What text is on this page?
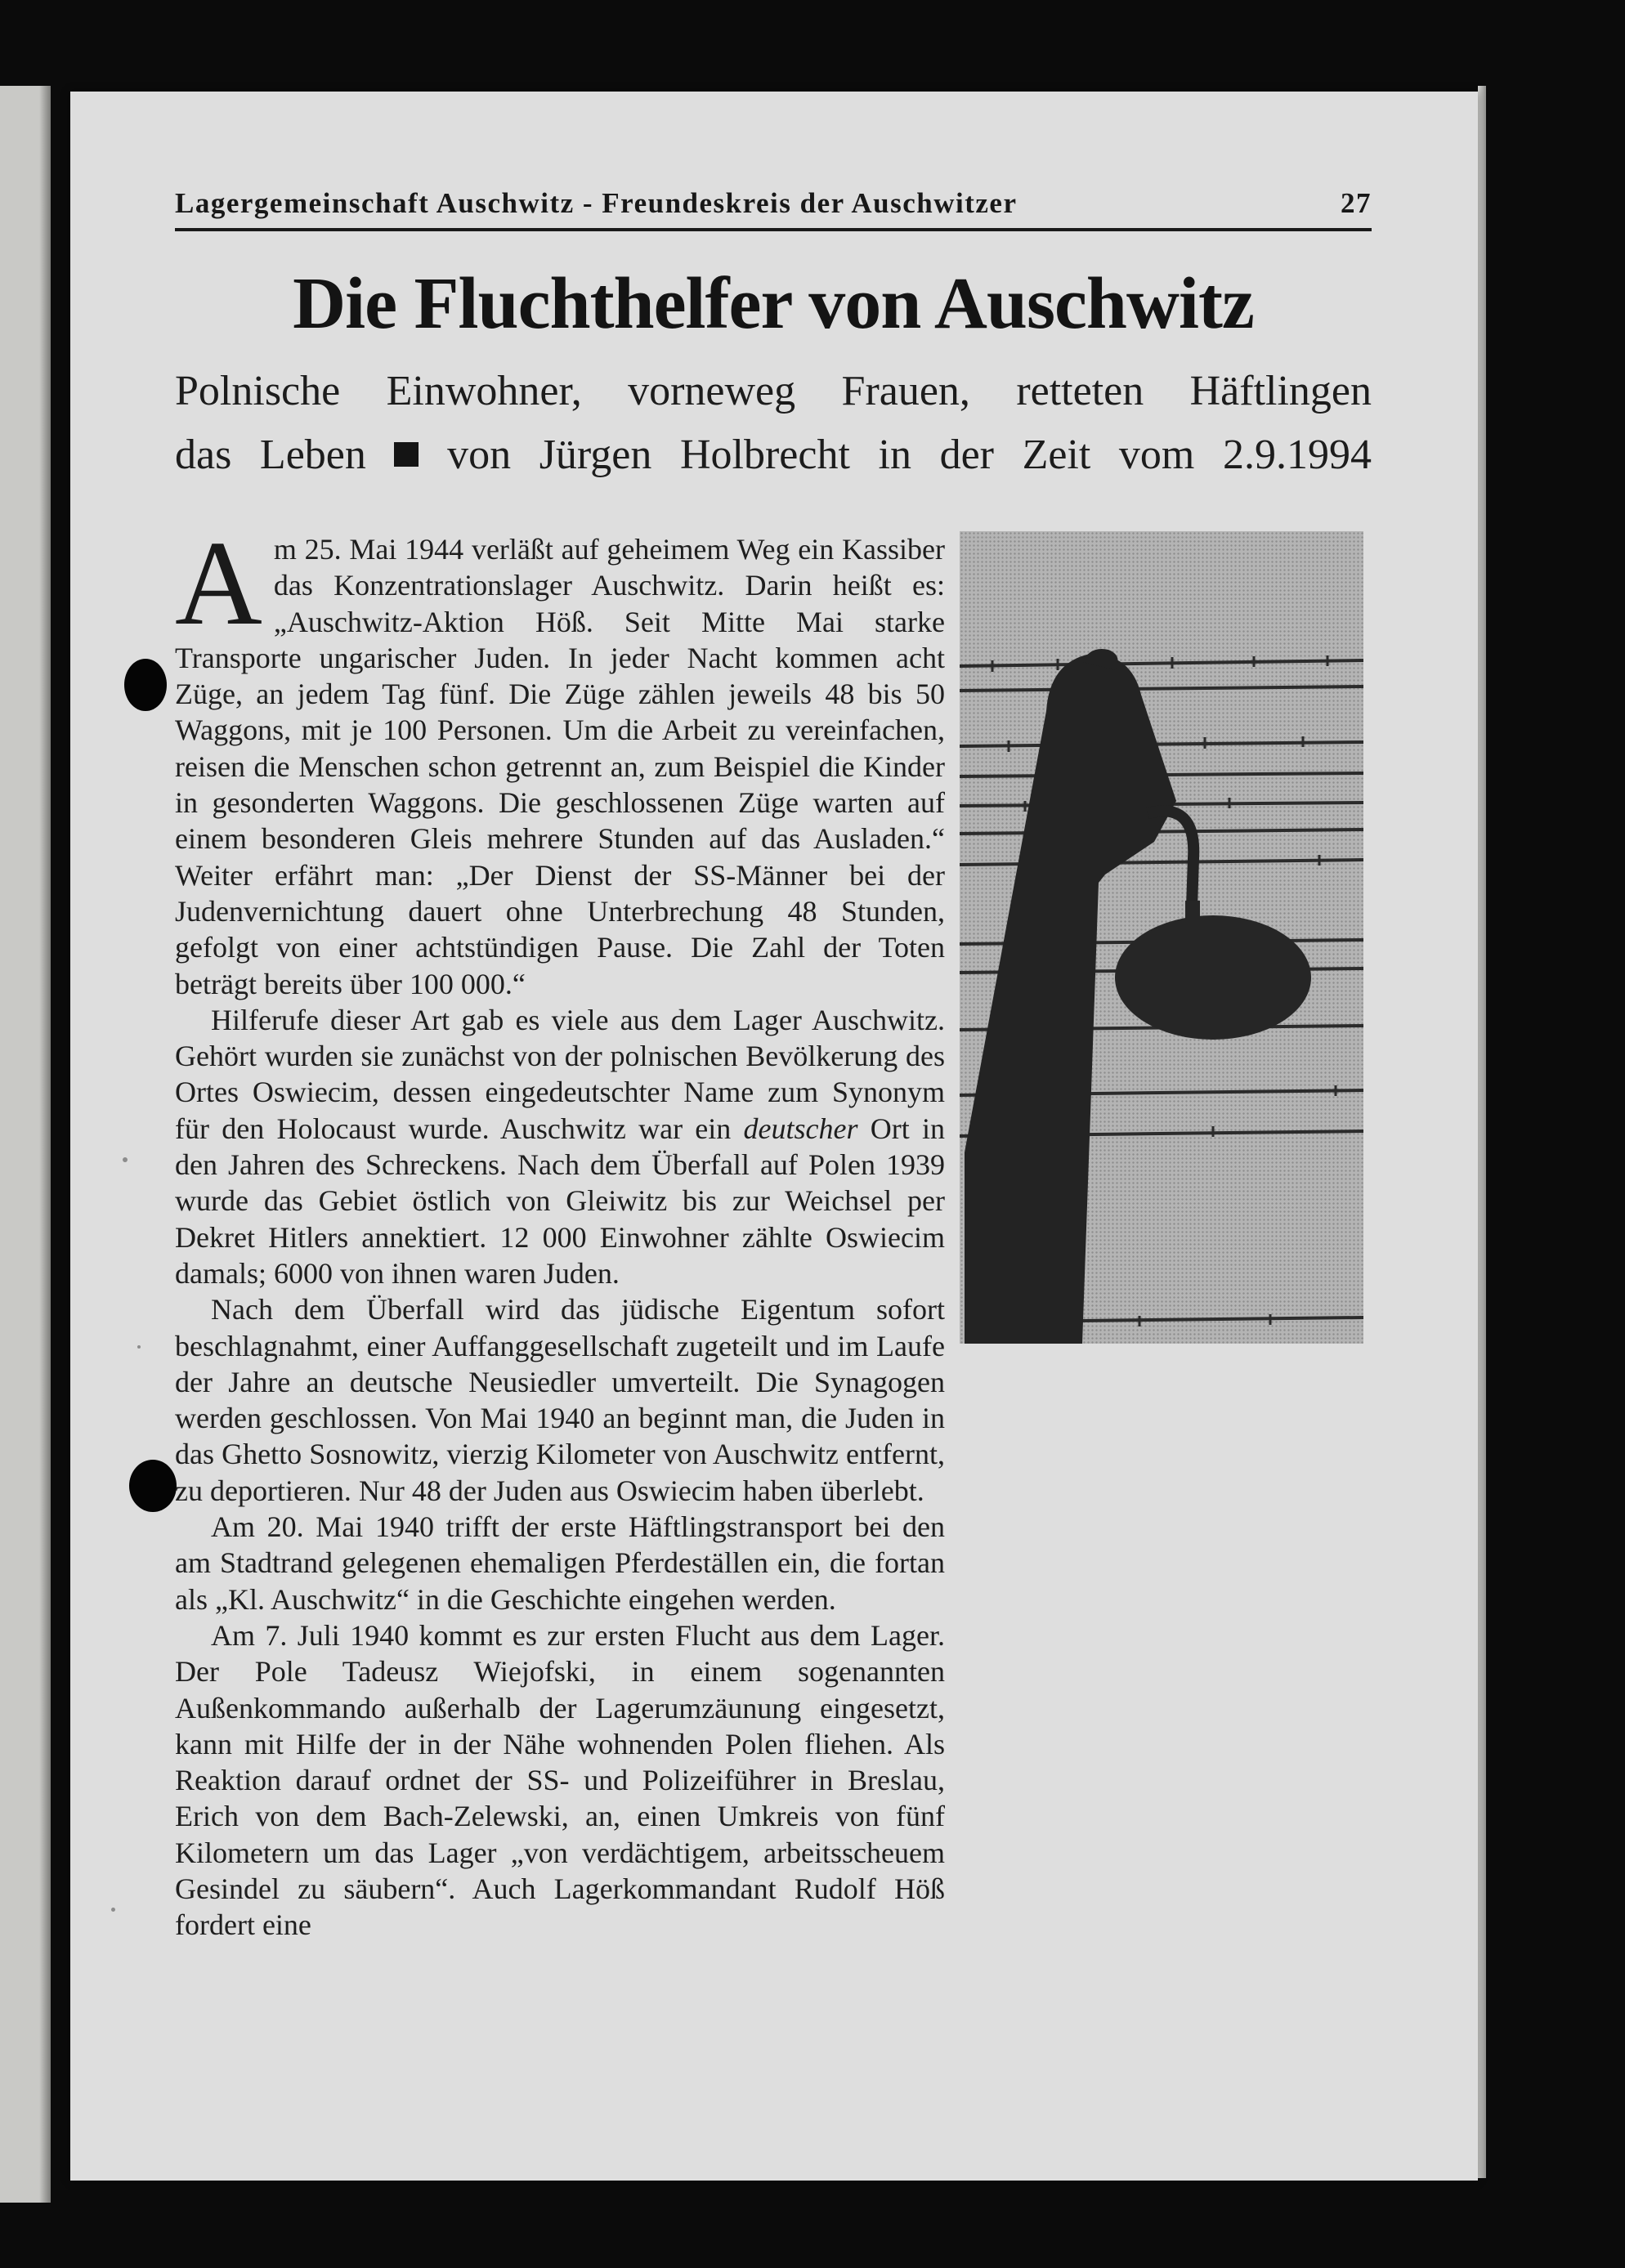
Lagergemeinschaft Auschwitz - Freundeskreis der Auschwitzer	27
Die Fluchthelfer von Auschwitz
Polnische Einwohner, vorneweg Frauen, retteten Häftlingen
das Leben von Jürgen Holbrecht in der Zeit vom 2.9.1994

Am 25. Mai 1944 verläßt auf geheimem Weg ein Kassiber das Konzentrationslager Auschwitz. Darin heißt es: „Auschwitz-Aktion Höß. Seit Mitte Mai starke Transporte ungarischer Juden. In jeder Nacht kommen acht Züge, an jedem Tag fünf. Die Züge zählen jeweils 48 bis 50 Waggons, mit je 100 Personen. Um die Arbeit zu vereinfachen, reisen die Menschen schon getrennt an, zum Beispiel die Kinder in gesonderten Waggons. Die geschlossenen Züge warten auf einem besonderen Gleis mehrere Stunden auf das Ausladen.“ Weiter erfährt man: „Der Dienst der SS-Männer bei der Judenvernichtung dauert ohne Unterbrechung 48 Stunden, gefolgt von einer achtstündigen Pause. Die Zahl der Toten beträgt bereits über 100 000.“

Hilferufe dieser Art gab es viele aus dem Lager Auschwitz. Gehört wurden sie zunächst von der polnischen Bevölkerung des Ortes Oswiecim, dessen eingedeutschter Name zum Synonym für den Holocaust wurde. Auschwitz war ein deutscher Ort in den Jahren des Schreckens. Nach dem Überfall auf Polen 1939 wurde das Gebiet östlich von Gleiwitz bis zur Weichsel per Dekret Hitlers annektiert. 12 000 Einwohner zählte Oswiecim damals; 6000 von ihnen waren Juden.

Nach dem Überfall wird das jüdische Eigentum sofort beschlagnahmt, einer Auffanggesellschaft zugeteilt und im Laufe der Jahre an deutsche Neusiedler umverteilt. Die Synagogen werden geschlossen. Von Mai 1940 an beginnt man, die Juden in das Ghetto Sosnowitz, vierzig Kilometer von Auschwitz entfernt, zu deportieren. Nur 48 der Juden aus Oswiecim haben überlebt.

Am 20. Mai 1940 trifft der erste Häftlingstransport bei den am Stadtrand gelegenen ehemaligen Pferdeställen ein, die fortan als „Kl. Auschwitz“ in die Geschichte eingehen werden.

Am 7. Juli 1940 kommt es zur ersten Flucht aus dem Lager. Der Pole Tadeusz Wiejofski, in einem sogenannten Außenkommando außerhalb der Lagerumzäunung eingesetzt, kann mit Hilfe der in der Nähe wohnenden Polen fliehen. Als Reaktion darauf ordnet der SS- und Polizeiführer in Breslau, Erich von dem Bach-Zelewski, an, einen Umkreis von fünf Kilometern um das Lager „von verdächtigem, arbeitsscheuem Gesindel zu säubern“. Auch Lagerkommandant Rudolf Höß fordert eine
